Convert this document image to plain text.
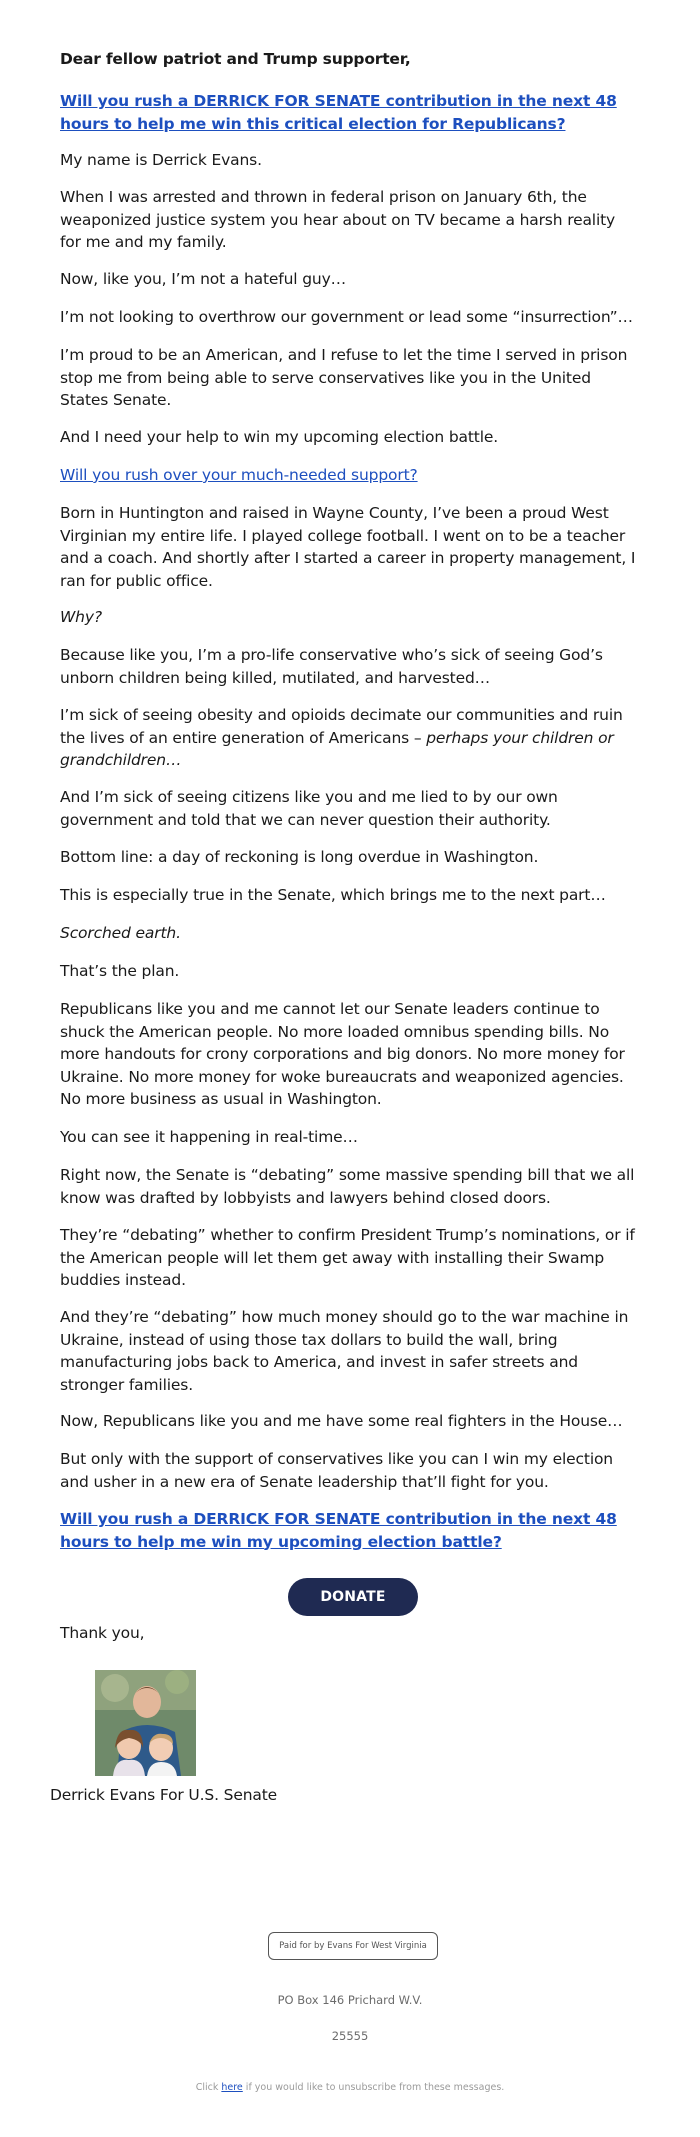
Dear fellow patriot and Trump supporter,

Will you rush a DERRICK FOR SENATE contribution in the next 48 hours to help me win this critical election for Republicans?

My name is Derrick Evans.

When I was arrested and thrown in federal prison on January 6th, the weaponized justice system you hear about on TV became a harsh reality for me and my family.

Now, like you, I’m not a hateful guy…

I’m not looking to overthrow our government or lead some “insurrection”…

I’m proud to be an American, and I refuse to let the time I served in prison stop me from being able to serve conservatives like you in the United States Senate.

And I need your help to win my upcoming election battle.

Will you rush over your much-needed support?

Born in Huntington and raised in Wayne County, I’ve been a proud West Virginian my entire life. I played college football. I went on to be a teacher and a coach. And shortly after I started a career in property management, I ran for public office.

Why?

Because like you, I’m a pro-life conservative who’s sick of seeing God’s unborn children being killed, mutilated, and harvested…

I’m sick of seeing obesity and opioids decimate our communities and ruin the lives of an entire generation of Americans – perhaps your children or grandchildren…

And I’m sick of seeing citizens like you and me lied to by our own government and told that we can never question their authority.

Bottom line: a day of reckoning is long overdue in Washington.

This is especially true in the Senate, which brings me to the next part…

Scorched earth.

That’s the plan.

Republicans like you and me cannot let our Senate leaders continue to shuck the American people. No more loaded omnibus spending bills. No more handouts for crony corporations and big donors. No more money for Ukraine. No more money for woke bureaucrats and weaponized agencies. No more business as usual in Washington.

You can see it happening in real-time…

Right now, the Senate is “debating” some massive spending bill that we all know was drafted by lobbyists and lawyers behind closed doors.

They’re “debating” whether to confirm President Trump’s nominations, or if the American people will let them get away with installing their Swamp buddies instead.

And they’re “debating” how much money should go to the war machine in Ukraine, instead of using those tax dollars to build the wall, bring manufacturing jobs back to America, and invest in safer streets and stronger families.

Now, Republicans like you and me have some real fighters in the House…

But only with the support of conservatives like you can I win my election and usher in a new era of Senate leadership that’ll fight for you.

Will you rush a DERRICK FOR SENATE contribution in the next 48 hours to help me win my upcoming election battle?

DONATE

Thank you,

Derrick Evans For U.S. Senate
Paid for by Evans For West Virginia
PO Box 146 Prichard W.V.
25555
Click here if you would like to unsubscribe from these messages.
